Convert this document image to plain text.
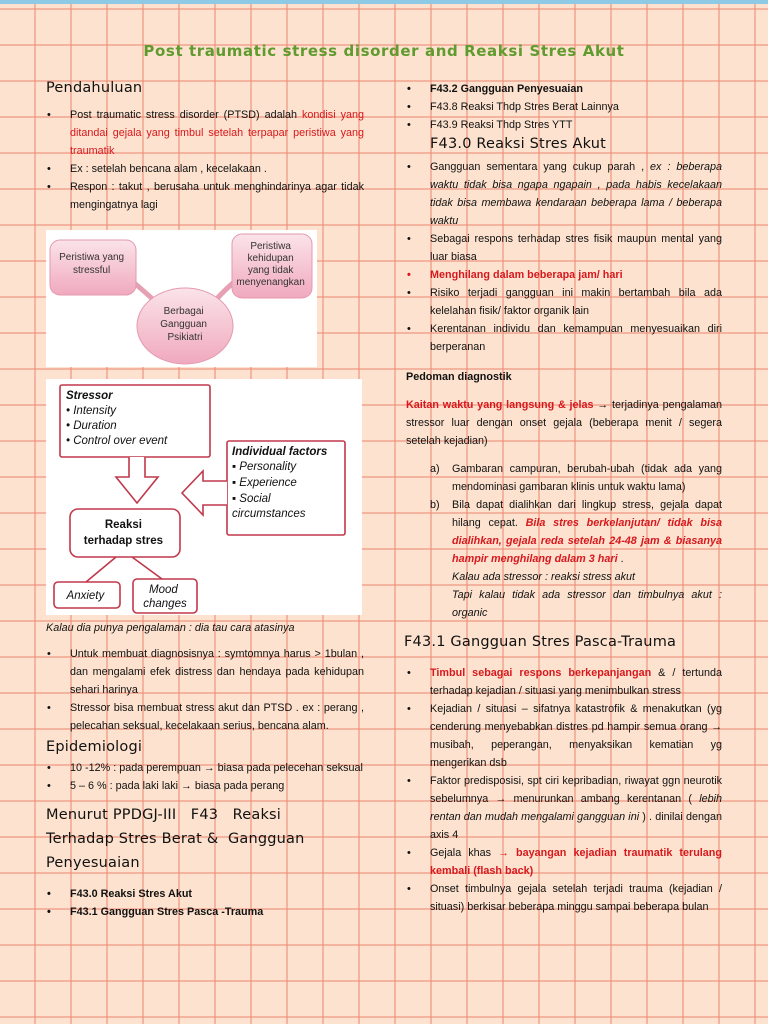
Post traumatic stress disorder and Reaksi Stres Akut
Pendahuluan
• Post traumatic stress disorder (PTSD) adalah kondisi yang ditandai gejala yang timbul setelah terpapar peristiwa yang traumatik
• Ex : setelah bencana alam , kecelakaan .
• Respon : takut , berusaha untuk menghindarinya agar tidak mengingatnya lagi
Peristiwa yang stressful Peristiwa kehidupan yang tidak menyenangkan Berbagai Gangguan Psikiatri
Stressor • Intensity • Duration • Control over event Individual factors ▪ Personality ▪ Experience ▪ Social circumstances Reaksi terhadap stres Anxiety	Mood changes

Kalau dia punya pengalaman : dia tau cara atasinya

• Untuk membuat diagnosisnya : symtomnya harus > 1bulan , dan mengalami efek distress dan hendaya pada kehidupan sehari harinya
• Stressor bisa membuat stress akut dan PTSD . ex : perang , pelecahan seksual, kecelakaan serius, bencana alam.
Epidemiologi
• 10 -12% : pada perempuan → biasa pada pelecehan seksual
• 5 – 6 % : pada laki laki → biasa pada perang
Menurut PPDGJ-III   F43   Reaksi
Terhadap Stres Berat &  Gangguan
Penyesuaian
• F43.0 Reaksi Stres Akut
• F43.1 Gangguan Stres Pasca -Trauma
• F43.2 Gangguan Penyesuaian
• F43.8 Reaksi Thdp Stres Berat Lainnya
• F43.9 Reaksi Thdp Stres YTT
F43.0 Reaksi Stres Akut
• Gangguan sementara yang cukup parah , ex : beberapa waktu tidak bisa ngapa ngapain , pada habis kecelakaan tidak bisa membawa kendaraan beberapa lama / beberapa waktu
• Sebagai respons terhadap stres fisik maupun mental yang luar biasa
• Menghilang dalam beberapa jam/ hari
• Risiko terjadi gangguan ini makin bertambah bila ada kelelahan fisik/ faktor organik lain
• Kerentanan individu dan kemampuan menyesuaikan diri berperanan

Pedoman diagnostik

Kaitan waktu yang langsung & jelas → terjadinya pengalaman stressor luar dengan onset gejala (beberapa menit / segera setelah kejadian)

a) Gambaran campuran, berubah-ubah (tidak ada yang mendominasi gambaran klinis untuk waktu lama)
b) Bila dapat dialihkan dari lingkup stress, gejala dapat hilang cepat. Bila stres berkelanjutan/ tidak bisa dialihkan, gejala reda setelah 24-48 jam & biasanya hampir menghilang dalam 3 hari .
Kalau ada stressor : reaksi stress akut
Tapi kalau tidak ada stressor dan timbulnya akut : organic
F43.1 Gangguan Stres Pasca-Trauma
• Timbul sebagai respons berkepanjangan & / tertunda terhadap kejadian / situasi yang menimbulkan stress
• Kejadian / situasi – sifatnya katastrofik & menakutkan (yg cenderung menyebabkan distres pd hampir semua orang → musibah, peperangan, menyaksikan kematian yg mengerikan dsb
• Faktor predisposisi, spt ciri kepribadian, riwayat ggn neurotik sebelumnya → menurunkan ambang kerentanan ( lebih rentan dan mudah mengalami gangguan ini ) . dinilai dengan axis 4
• Gejala khas → bayangan kejadian traumatik terulang kembali (flash back)
• Onset timbulnya gejala setelah terjadi trauma (kejadian / situasi) berkisar beberapa minggu sampai beberapa bulan
